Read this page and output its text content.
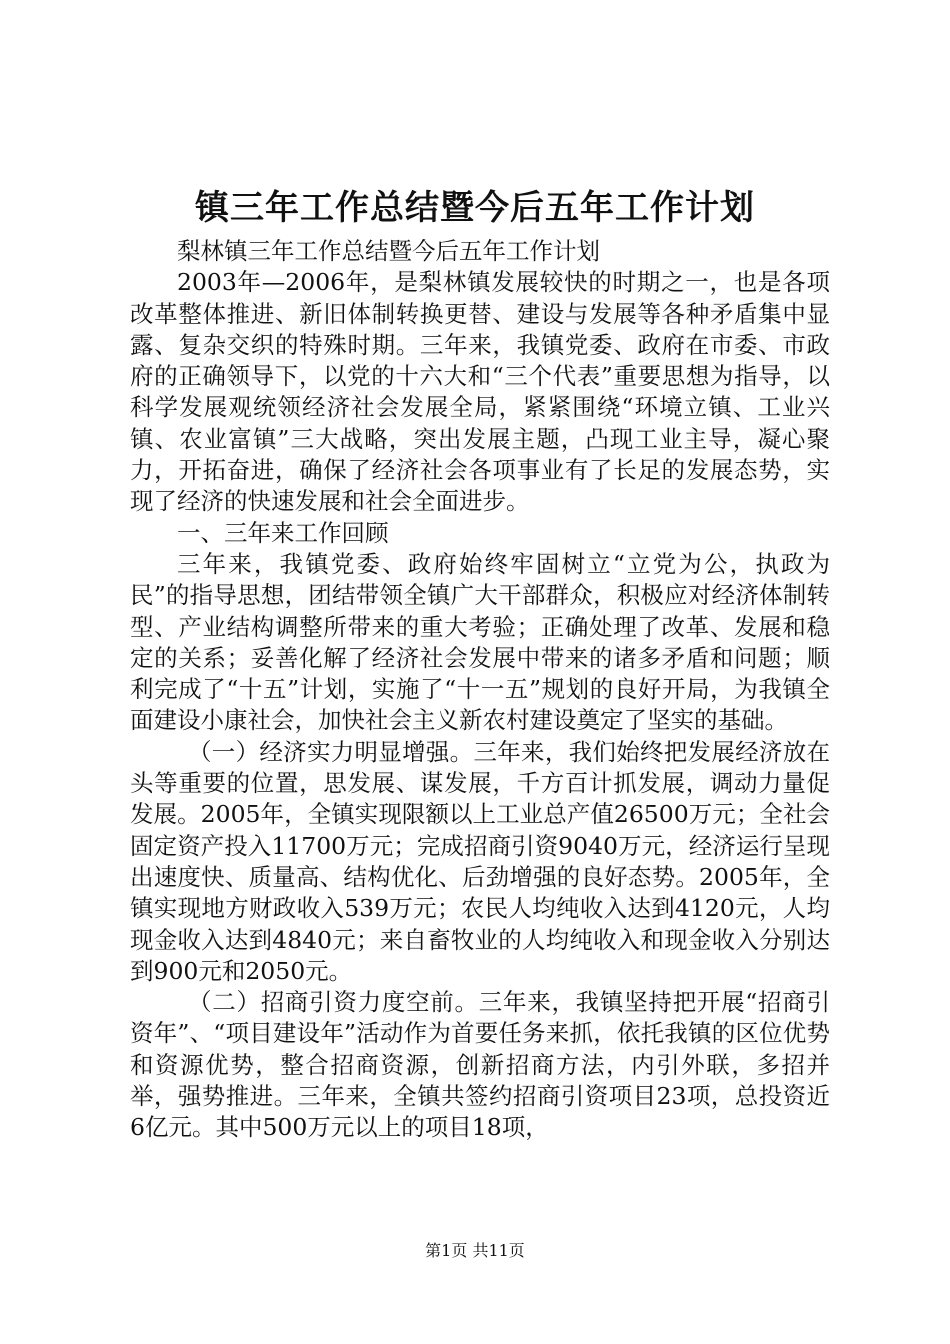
镇三年工作总结暨今后五年工作计划

梨林镇三年工作总结暨今后五年工作计划

2003年—2006年，是梨林镇发展较快的时期之一，也是各项改革整体推进、新旧体制转换更替、建设与发展等各种矛盾集中显露、复杂交织的特殊时期。三年来，我镇党委、政府在市委、市政府的正确领导下，以党的十六大和“三个代表”重要思想为指导，以科学发展观统领经济社会发展全局，紧紧围绕“环境立镇、工业兴镇、农业富镇”三大战略，突出发展主题，凸现工业主导，凝心聚力，开拓奋进，确保了经济社会各项事业有了长足的发展态势，实现了经济的快速发展和社会全面进步。

一、三年来工作回顾

三年来，我镇党委、政府始终牢固树立“立党为公，执政为民”的指导思想，团结带领全镇广大干部群众，积极应对经济体制转型、产业结构调整所带来的重大考验；正确处理了改革、发展和稳定的关系；妥善化解了经济社会发展中带来的诸多矛盾和问题；顺利完成了“十五”计划，实施了“十一五”规划的良好开局，为我镇全面建设小康社会，加快社会主义新农村建设奠定了坚实的基础。

（一）经济实力明显增强。三年来，我们始终把发展经济放在头等重要的位置，思发展、谋发展，千方百计抓发展，调动力量促发展。2005年，全镇实现限额以上工业总产值26500万元；全社会固定资产投入11700万元；完成招商引资9040万元，经济运行呈现出速度快、质量高、结构优化、后劲增强的良好态势。2005年，全镇实现地方财政收入539万元；农民人均纯收入达到4120元，人均现金收入达到4840元；来自畜牧业的人均纯收入和现金收入分别达到900元和2050元。

（二）招商引资力度空前。三年来，我镇坚持把开展“招商引资年”、“项目建设年”活动作为首要任务来抓，依托我镇的区位优势和资源优势，整合招商资源，创新招商方法，内引外联，多招并举，强势推进。三年来，全镇共签约招商引资项目23项，总投资近6亿元。其中500万元以上的项目18项，

第1页 共11页
